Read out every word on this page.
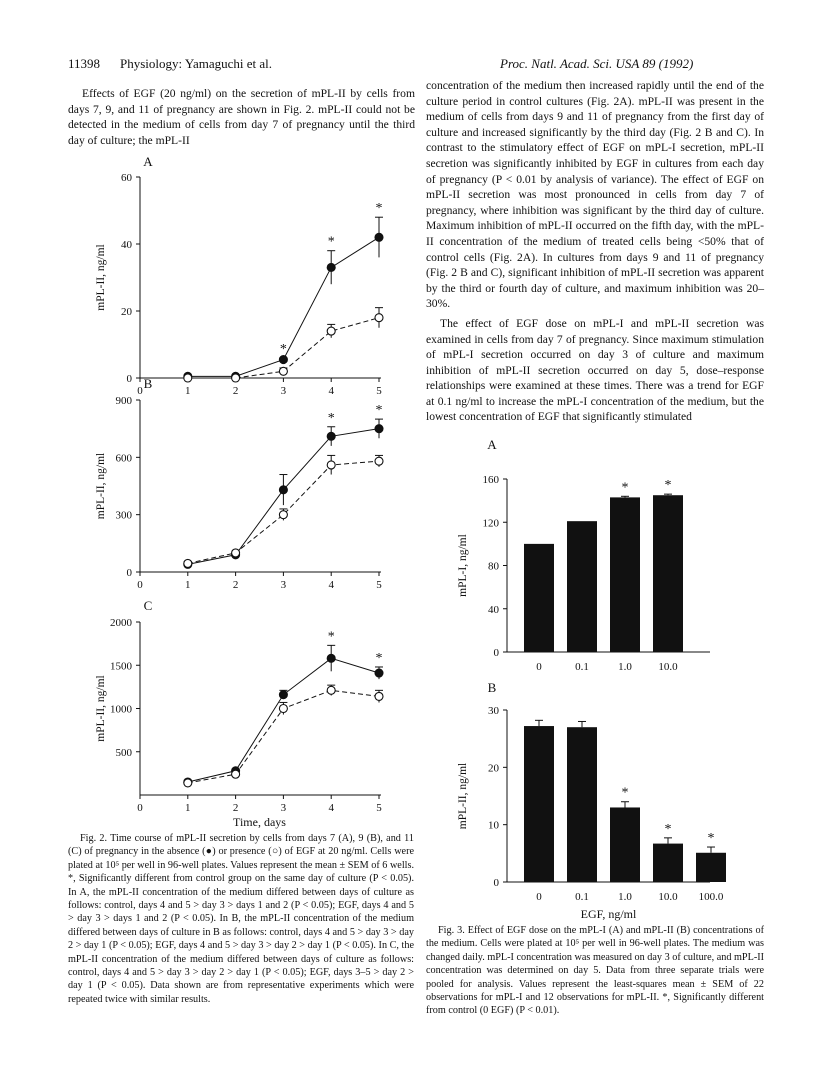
11398 Physiology: Yamaguchi et al.	Proc. Natl. Acad. Sci. USA 89 (1992)

Effects of EGF (20 ng/ml) on the secretion of mPL-II by cells from days 7, 9, and 11 of pregnancy are shown in Fig. 2. mPL-II could not be detected in the medium of cells from day 7 of pregnancy until the third day of culture; the mPL-II

concentration of the medium then increased rapidly until the end of the culture period in control cultures (Fig. 2A). mPL-II was present in the medium of cells from days 9 and 11 of pregnancy from the first day of culture and increased significantly by the third day (Fig. 2 B and C). In contrast to the stimulatory effect of EGF on mPL-I secretion, mPL-II secretion was significantly inhibited by EGF in cultures from each day of pregnancy (P < 0.01 by analysis of variance). The effect of EGF on mPL-II secretion was most pronounced in cells from day 7 of pregnancy, where inhibition was significant by the third day of culture. Maximum inhibition of mPL-II occurred on the fifth day, with the mPL-II concentration of the medium of treated cells being <50% that of control cells (Fig. 2A). In cultures from days 9 and 11 of pregnancy (Fig. 2 B and C), significant inhibition of mPL-II secretion was apparent by the third or fourth day of culture, and maximum inhibition was 20–30%.

The effect of EGF dose on mPL-I and mPL-II secretion was examined in cells from day 7 of pregnancy. Since maximum stimulation of mPL-I secretion occurred on day 3 of culture and maximum inhibition of mPL-II secretion occurred on day 5, dose–response relationships were examined at these times. There was a trend for EGF at 0.1 ng/ml to increase the mPL-I concentration of the medium, but the lowest concentration of EGF that significantly stimulated

A
0	1	2	3	4	5
0
20
40
60
mPL-II, ng/ml
*
*
*
B
0	1	2	3	4	5
0
300
600
900
mPL-II, ng/ml
*
*
C
0	1	2	3	4	5
500
1000
1500
2000
mPL-II, ng/ml
Time, days
*
*
A
0
40
80
120
160
mPL-I, ng/ml
0	0.1
*
1.0
*
10.0
B
0
10
20
30
mPL-II, ng/ml
0	0.1
*
1.0
*
10.0
*
100.0
EGF, ng/ml

Fig. 2. Time course of mPL-II secretion by cells from days 7 (A), 9 (B), and 11 (C) of pregnancy in the absence (●) or presence (○) of EGF at 20 ng/ml. Cells were plated at 10⁵ per well in 96-well plates. Values represent the mean ± SEM of 6 wells. *, Significantly different from control group on the same day of culture (P < 0.05). In A, the mPL-II concentration of the medium differed between days of culture as follows: control, days 4 and 5 > day 3 > days 1 and 2 (P < 0.05); EGF, days 4 and 5 > day 3 > days 1 and 2 (P < 0.05). In B, the mPL-II concentration of the medium differed between days of culture in B as follows: control, days 4 and 5 > day 3 > day 2 > day 1 (P < 0.05); EGF, days 4 and 5 > day 3 > day 2 > day 1 (P < 0.05). In C, the mPL-II concentration of the medium differed between days of culture as follows: control, days 4 and 5 > day 3 > day 2 > day 1 (P < 0.05); EGF, days 3–5 > day 2 > day 1 (P < 0.05). Data shown are from representative experiments which were repeated twice with similar results.

Fig. 3. Effect of EGF dose on the mPL-I (A) and mPL-II (B) concentrations of the medium. Cells were plated at 10⁵ per well in 96-well plates. The medium was changed daily. mPL-I concentration was measured on day 3 of culture, and mPL-II concentration was determined on day 5. Data from three separate trials were pooled for analysis. Values represent the least-squares mean ± SEM of 22 observations for mPL-I and 12 observations for mPL-II. *, Significantly different from control (0 EGF) (P < 0.01).
